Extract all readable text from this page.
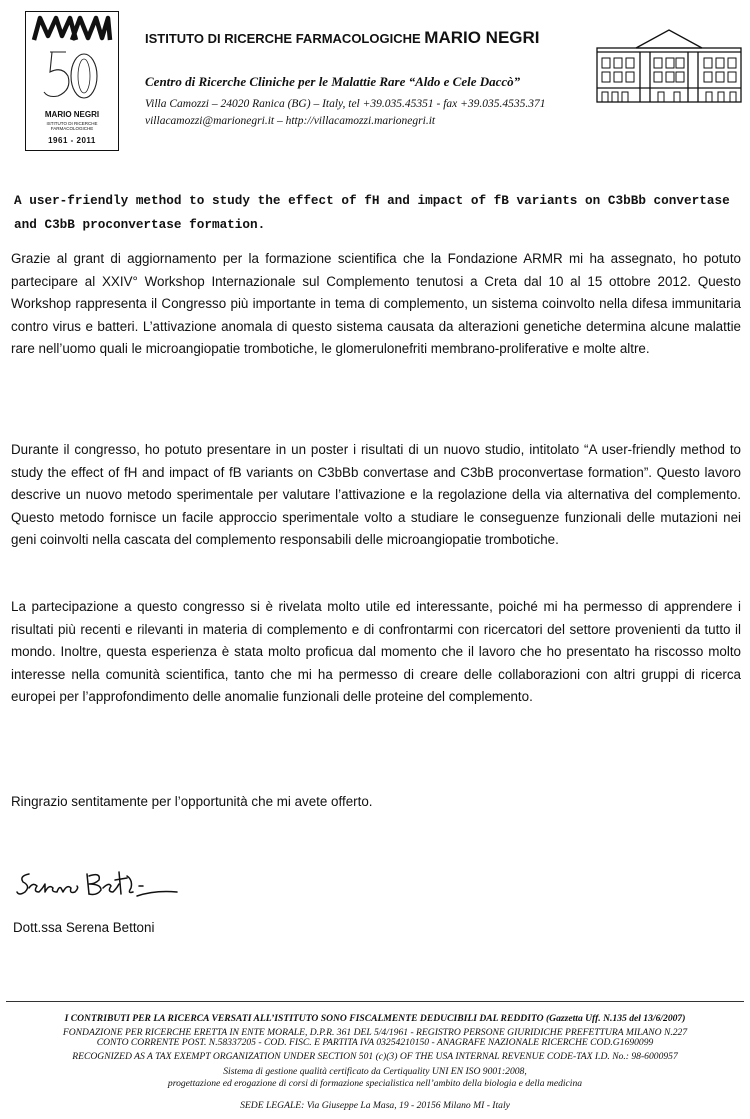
MARIO NEGRI
ISTITUTO DI RICERCHE FARMACOLOGICHE
1961 - 2011
ISTITUTO DI RICERCHE FARMACOLOGICHE MARIO NEGRI
Centro di Ricerche Cliniche per le Malattie Rare “Aldo e Cele Daccò”
Villa Camozzi – 24020 Ranica (BG) – Italy, tel +39.035.45351 - fax +39.035.4535.371
villacamozzi@marionegri.it – http://villacamozzi.marionegri.it

A user-friendly method to study the effect of fH and impact of fB variants on C3bBb convertase and C3bB proconvertase formation.

Grazie al grant di aggiornamento per la formazione scientifica che la Fondazione ARMR mi ha assegnato, ho potuto partecipare al XXIV° Workshop Internazionale sul Complemento tenutosi a Creta dal 10 al 15 ottobre 2012. Questo Workshop rappresenta il Congresso più importante in tema di complemento, un sistema coinvolto nella difesa immunitaria contro virus e batteri. L’attivazione anomala di questo sistema causata da alterazioni genetiche determina alcune malattie rare nell’uomo quali le microangiopatie trombotiche, le glomerulonefriti membrano-proliferative e molte altre.

Durante il congresso, ho potuto presentare in un poster i risultati di un nuovo studio, intitolato “A user-friendly method to study the effect of fH and impact of fB variants on C3bBb convertase and C3bB proconvertase formation”. Questo lavoro descrive un nuovo metodo sperimentale per valutare l’attivazione e la regolazione della via alternativa del complemento. Questo metodo fornisce un facile approccio sperimentale volto a studiare le conseguenze funzionali delle mutazioni nei geni coinvolti nella cascata del complemento responsabili delle microangiopatie trombotiche.

La partecipazione a questo congresso si è rivelata molto utile ed interessante, poiché mi ha permesso di apprendere i risultati più recenti e rilevanti in materia di complemento e di confrontarmi con ricercatori del settore provenienti da tutto il mondo. Inoltre, questa esperienza è stata molto proficua dal momento che il lavoro che ho presentato ha riscosso molto interesse nella comunità scientifica, tanto che mi ha permesso di creare delle collaborazioni con altri gruppi di ricerca europei per l’approfondimento delle anomalie funzionali delle proteine del complemento.

Ringrazio sentitamente per l’opportunità che mi avete offerto.

Dott.ssa Serena Bettoni

I CONTRIBUTI PER LA RICERCA VERSATI ALL’ISTITUTO SONO FISCALMENTE DEDUCIBILI DAL REDDITO (Gazzetta Uff. N.135 del 13/6/2007)

FONDAZIONE PER RICERCHE ERETTA IN ENTE MORALE, D.P.R. 361 DEL 5/4/1961 - REGISTRO PERSONE GIURIDICHE PREFETTURA MILANO N.227

CONTO CORRENTE POST. N.58337205 - COD. FISC. E PARTITA IVA 03254210150 - ANAGRAFE NAZIONALE RICERCHE COD.G1690099

RECOGNIZED AS A TAX EXEMPT ORGANIZATION UNDER SECTION 501 (c)(3) OF THE USA INTERNAL REVENUE CODE-TAX I.D. No.: 98-6000957

Sistema di gestione qualità certificato da Certiquality UNI EN ISO 9001:2008,

progettazione ed erogazione di corsi di formazione specialistica nell’ambito della biologia e della medicina

SEDE LEGALE: Via Giuseppe La Masa, 19 - 20156 Milano MI - Italy
